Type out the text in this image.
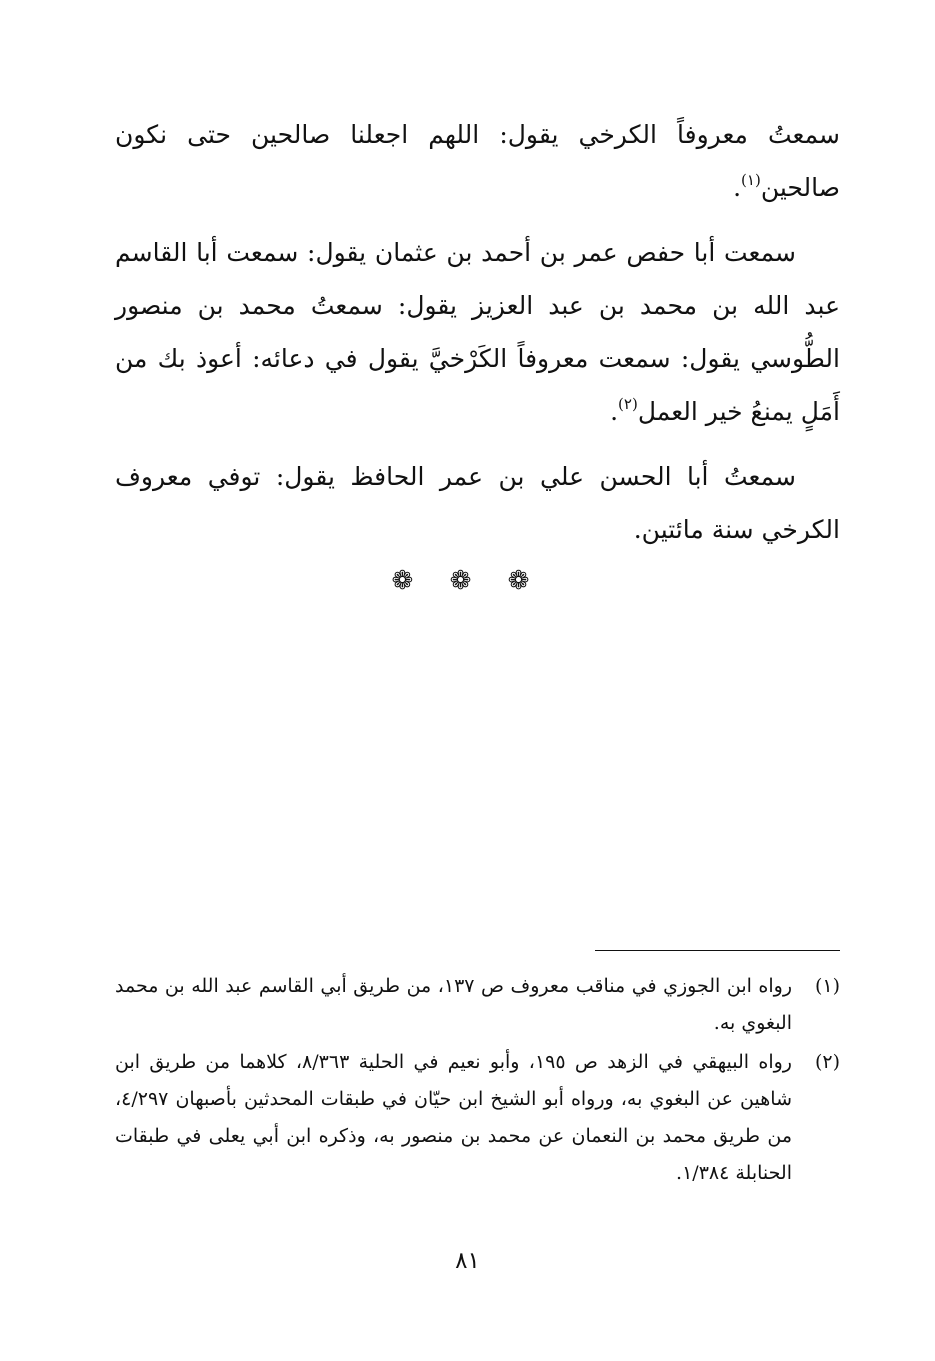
سمعتُ معروفاً الكرخي يقول: اللهم اجعلنا صالحين حتى نكون صالحين$^{(١)}$.

سمعت أبا حفص عمر بن أحمد بن عثمان يقول: سمعت أبا القاسم عبد الله بن محمد بن عبد العزيز يقول: سمعتُ محمد بن منصور الطُّوسي يقول: سمعت معروفاً الكَرْخيَّ يقول في دعائه: أعوذ بك من أَمَلٍ يمنعُ خير العمل$^{(٢)}$.

سمعتُ أبا الحسن علي بن عمر الحافظ يقول: توفي معروف الكرخي سنة مائتين.

❁ ❁ ❁
(١)
رواه ابن الجوزي في مناقب معروف ص ١٣٧، من طريق أبي القاسم عبد الله بن محمد البغوي به.
(٢)
رواه البيهقي في الزهد ص ١٩٥، وأبو نعيم في الحلية ٨/٣٦٣، كلاهما من طريق ابن شاهين عن البغوي به، ورواه أبو الشيخ ابن حيّان في طبقات المحدثين بأصبهان ٤/٢٩٧، من طريق محمد بن النعمان عن محمد بن منصور به، وذكره ابن أبي يعلى في طبقات الحنابلة ١/٣٨٤.
٨١
